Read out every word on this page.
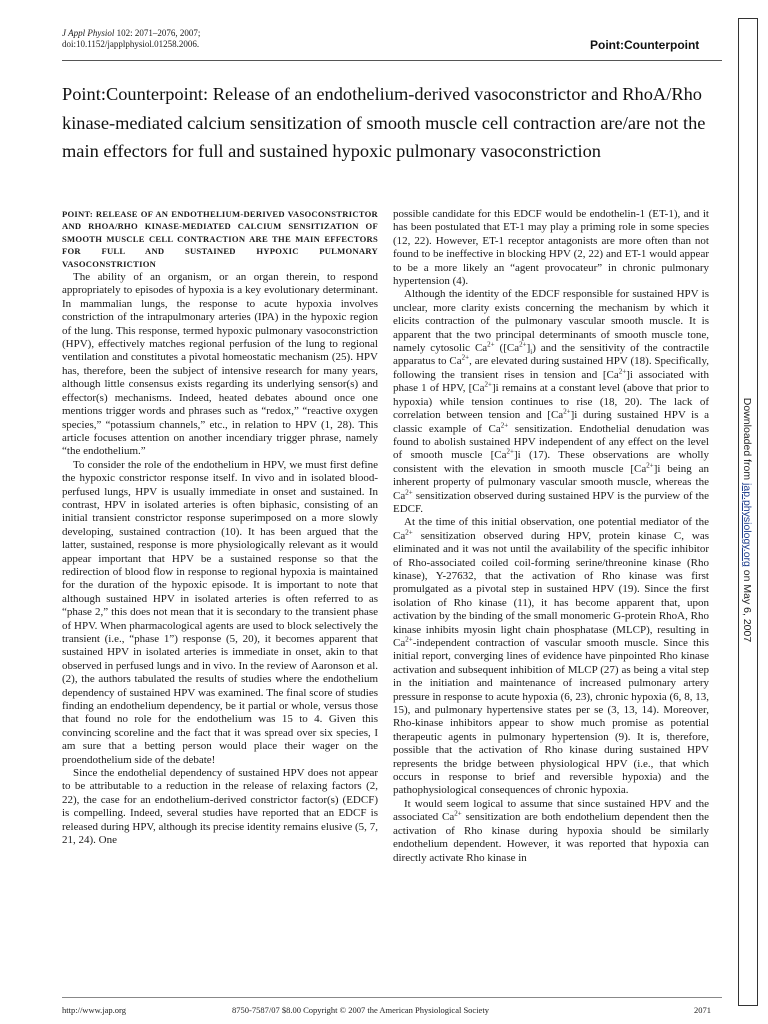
J Appl Physiol 102: 2071–2076, 2007;
doi:10.1152/japplphysiol.01258.2006.	Point:Counterpoint
Point:Counterpoint: Release of an endothelium-derived vasoconstrictor and RhoA/Rho kinase-mediated calcium sensitization of smooth muscle cell contraction are/are not the main effectors for full and sustained hypoxic pulmonary vasoconstriction
POINT: RELEASE OF AN ENDOTHELIUM-DERIVED VASOCONSTRICTOR AND RHOA/RHO KINASE-MEDIATED CALCIUM SENSITIZATION OF SMOOTH MUSCLE CELL CONTRACTION ARE THE MAIN EFFECTORS FOR FULL AND SUSTAINED HYPOXIC PULMONARY VASOCONSTRICTION

The ability of an organism, or an organ therein, to respond appropriately to episodes of hypoxia is a key evolutionary determinant. In mammalian lungs, the response to acute hypoxia involves constriction of the intrapulmonary arteries (IPA) in the hypoxic region of the lung. This response, termed hypoxic pulmonary vasoconstriction (HPV), effectively matches regional perfusion of the lung to regional ventilation and constitutes a pivotal homeostatic mechanism (25). HPV has, therefore, been the subject of intensive research for many years, although little consensus exists regarding its underlying sensor(s) and effector(s) mechanisms. Indeed, heated debates abound once one mentions trigger words and phrases such as “redox,” “reactive oxygen species,” “potassium channels,” etc., in relation to HPV (1, 28). This article focuses attention on another incendiary trigger phrase, namely “the endothelium.”

To consider the role of the endothelium in HPV, we must first define the hypoxic constrictor response itself. In vivo and in isolated blood-perfused lungs, HPV is usually immediate in onset and sustained. In contrast, HPV in isolated arteries is often biphasic, consisting of an initial transient constrictor response superimposed on a more slowly developing, sustained contraction (10). It has been argued that the latter, sustained, response is more physiologically relevant as it would appear important that HPV be a sustained response so that the redirection of blood flow in response to regional hypoxia is maintained for the duration of the hypoxic episode. It is important to note that although sustained HPV in isolated arteries is often referred to as “phase 2,” this does not mean that it is secondary to the transient phase of HPV. When pharmacological agents are used to block selectively the transient (i.e., “phase 1”) response (5, 20), it becomes apparent that sustained HPV in isolated arteries is immediate in onset, akin to that observed in perfused lungs and in vivo. In the review of Aaronson et al. (2), the authors tabulated the results of studies where the endothelium dependency of sustained HPV was examined. The final score of studies finding an endothelium dependency, be it partial or whole, versus those that found no role for the endothelium was 15 to 4. Given this convincing scoreline and the fact that it was spread over six species, I am sure that a betting person would place their wager on the proendothelium side of the debate!

Since the endothelial dependency of sustained HPV does not appear to be attributable to a reduction in the release of relaxing factors (2, 22), the case for an endothelium-derived constrictor factor(s) (EDCF) is compelling. Indeed, several studies have reported that an EDCF is released during HPV, although its precise identity remains elusive (5, 7, 21, 24). One

possible candidate for this EDCF would be endothelin-1 (ET-1), and it has been postulated that ET-1 may play a priming role in some species (12, 22). However, ET-1 receptor antagonists are more often than not found to be ineffective in blocking HPV (2, 22) and ET-1 would appear to be a more likely an “agent provocateur” in chronic pulmonary hypertension (4).

Although the identity of the EDCF responsible for sustained HPV is unclear, more clarity exists concerning the mechanism by which it elicits contraction of the pulmonary vascular smooth muscle. It is apparent that the two principal determinants of smooth muscle tone, namely cytosolic $Ca^{2+}$ $([Ca^{2+}]_i)$ and the sensitivity of the contractile apparatus to $Ca^{2+}$, are elevated during sustained HPV (18). Specifically, following the transient rises in tension and $[Ca^{2+}]i$ associated with phase 1 of HPV, $[Ca^{2+}]i$ remains at a constant level (above that prior to hypoxia) while tension continues to rise (18, 20). The lack of correlation between tension and $[Ca^{2+}]i$ during sustained HPV is a classic example of $Ca^{2+}$ sensitization. Endothelial denudation was found to abolish sustained HPV independent of any effect on the level of smooth muscle $[Ca^{2+}]i$ (17). These observations are wholly consistent with the elevation in smooth muscle $[Ca^{2+}]i$ being an inherent property of pulmonary vascular smooth muscle, whereas the $Ca^{2+}$ sensitization observed during sustained HPV is the purview of the EDCF.

At the time of this initial observation, one potential mediator of the $Ca^{2+}$ sensitization observed during HPV, protein kinase C, was eliminated and it was not until the availability of the specific inhibitor of Rho-associated coiled coil-forming serine/threonine kinase (Rho kinase), Y-27632, that the activation of Rho kinase was first promulgated as a pivotal step in sustained HPV (19). Since the first isolation of Rho kinase (11), it has become apparent that, upon activation by the binding of the small monomeric G-protein RhoA, Rho kinase inhibits myosin light chain phosphatase (MLCP), resulting in $Ca^{2+}$-independent contraction of vascular smooth muscle. Since this initial report, converging lines of evidence have pinpointed Rho kinase activation and subsequent inhibition of MLCP (27) as being a vital step in the initiation and maintenance of increased pulmonary artery pressure in response to acute hypoxia (6, 23), chronic hypoxia (6, 8, 13, 15), and pulmonary hypertensive states per se (3, 13, 14). Moreover, Rho-kinase inhibitors appear to show much promise as potential therapeutic agents in pulmonary hypertension (9). It is, therefore, possible that the activation of Rho kinase during sustained HPV represents the bridge between physiological HPV (i.e., that which occurs in response to brief and reversible hypoxia) and the pathophysiological consequences of chronic hypoxia.

It would seem logical to assume that since sustained HPV and the associated $Ca^{2+}$ sensitization are both endothelium dependent then the activation of Rho kinase during hypoxia should be similarly endothelium dependent. However, it was reported that hypoxia can directly activate Rho kinase in

Downloaded from jap.physiology.org on May 6, 2007
http://www.jap.org	8750-7587/07 $8.00 Copyright © 2007 the American Physiological Society	2071
